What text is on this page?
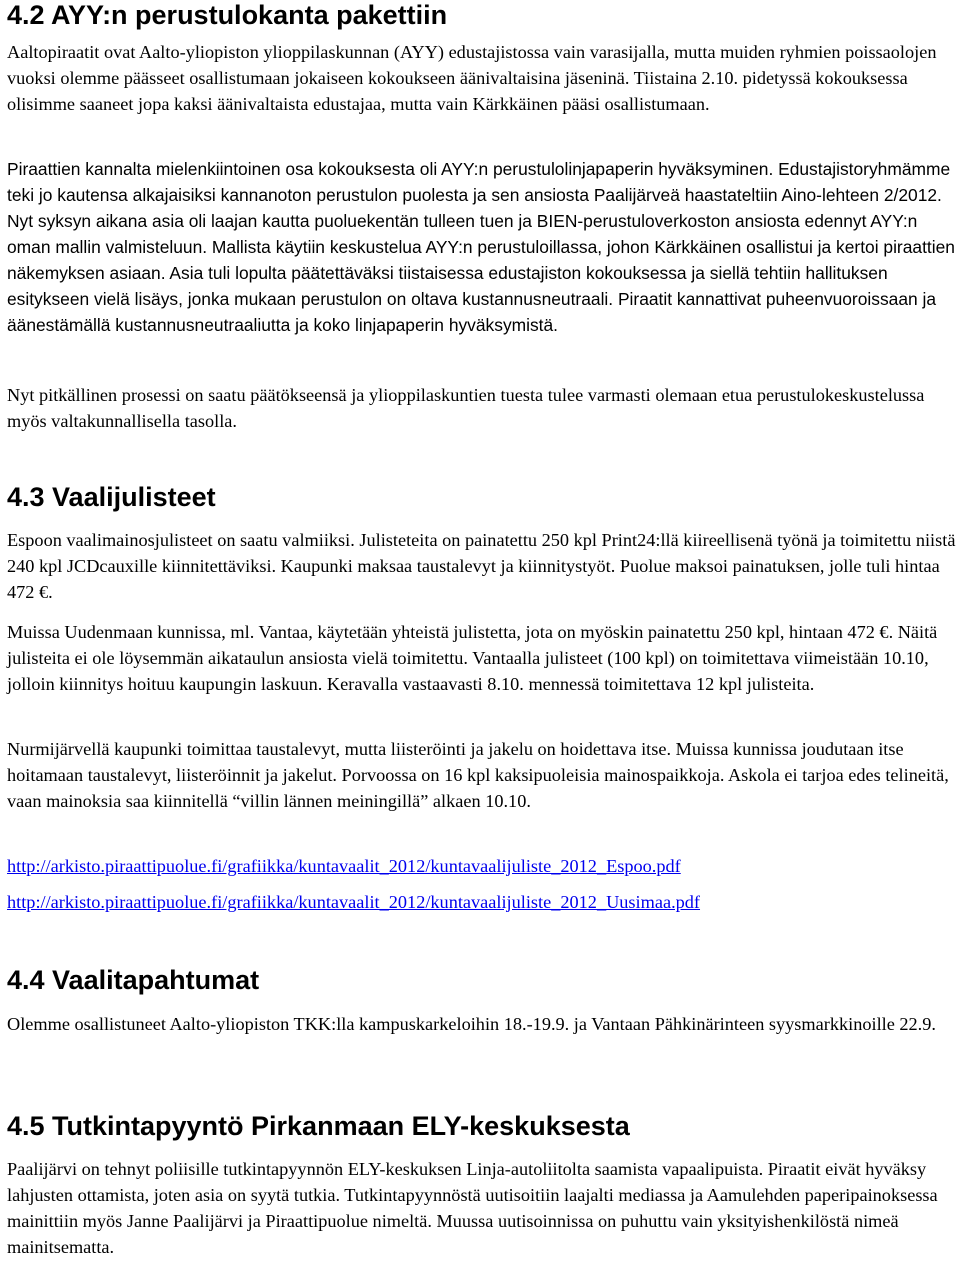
4.2 AYY:n perustulokanta pakettiin

Aaltopiraatit ovat Aalto-yliopiston ylioppilaskunnan (AYY) edustajistossa vain varasijalla, mutta muiden ryhmien poissaolojen vuoksi olemme päässeet osallistumaan jokaiseen kokoukseen äänivaltaisina jäseninä. Tiistaina 2.10. pidetyssä kokouksessa olisimme saaneet jopa kaksi äänivaltaista edustajaa, mutta vain Kärkkäinen pääsi osallistumaan.

Piraattien kannalta mielenkiintoinen osa kokouksesta oli AYY:n perustulolinjapaperin hyväksyminen. Edustajistoryhmämme teki jo kautensa alkajaisiksi kannanoton perustulon puolesta ja sen ansiosta Paalijärveä haastateltiin Aino-lehteen 2/2012. Nyt syksyn aikana asia oli laajan kautta puoluekentän tulleen tuen ja BIEN-perustuloverkoston ansiosta edennyt AYY:n oman mallin valmisteluun. Mallista käytiin keskustelua AYY:n perustuloillassa, johon Kärkkäinen osallistui ja kertoi piraattien näkemyksen asiaan. Asia tuli lopulta päätettäväksi tiistaisessa edustajiston kokouksessa ja siellä tehtiin hallituksen esitykseen vielä lisäys, jonka mukaan perustulon on oltava kustannusneutraali. Piraatit kannattivat puheenvuoroissaan ja äänestämällä kustannusneutraaliutta ja koko linjapaperin hyväksymistä.

Nyt pitkällinen prosessi on saatu päätökseensä ja ylioppilaskuntien tuesta tulee varmasti olemaan etua perustulokeskustelussa myös valtakunnallisella tasolla.

4.3 Vaalijulisteet

Espoon vaalimainosjulisteet on saatu valmiiksi. Julisteteita on painatettu 250 kpl Print24:llä kiireellisenä työnä ja toimitettu niistä 240 kpl JCDcauxille kiinnitettäviksi. Kaupunki maksaa taustalevyt ja kiinnitystyöt. Puolue maksoi painatuksen, jolle tuli hintaa 472 €.

Muissa Uudenmaan kunnissa, ml. Vantaa, käytetään yhteistä julistetta, jota on myöskin painatettu 250 kpl, hintaan 472 €. Näitä julisteita ei ole löysemmän aikataulun ansiosta vielä toimitettu. Vantaalla julisteet (100 kpl) on toimitettava viimeistään 10.10, jolloin kiinnitys hoituu kaupungin laskuun. Keravalla vastaavasti 8.10. mennessä toimitettava 12 kpl julisteita.

Nurmijärvellä kaupunki toimittaa taustalevyt, mutta liisteröinti ja jakelu on hoidettava itse. Muissa kunnissa joudutaan itse hoitamaan taustalevyt, liisteröinnit ja jakelut. Porvoossa on 16 kpl kaksipuoleisia mainospaikkoja. Askola ei tarjoa edes telineitä, vaan mainoksia saa kiinnitellä “villin lännen meiningillä” alkaen 10.10.

http://arkisto.piraattipuolue.fi/grafiikka/kuntavaalit_2012/kuntavaalijuliste_2012_Espoo.pdf

http://arkisto.piraattipuolue.fi/grafiikka/kuntavaalit_2012/kuntavaalijuliste_2012_Uusimaa.pdf

4.4 Vaalitapahtumat

Olemme osallistuneet Aalto-yliopiston TKK:lla kampuskarkeloihin 18.-19.9. ja Vantaan Pähkinärinteen syysmarkkinoille 22.9.

4.5 Tutkintapyyntö Pirkanmaan ELY-keskuksesta

Paalijärvi on tehnyt poliisille tutkintapyynnön ELY-keskuksen Linja-autoliitolta saamista vapaalipuista. Piraatit eivät hyväksy lahjusten ottamista, joten asia on syytä tutkia. Tutkintapyynnöstä uutisoitiin laajalti mediassa ja Aamulehden paperipainoksessa mainittiin myös Janne Paalijärvi ja Piraattipuolue nimeltä. Muussa uutisoinnissa on puhuttu vain yksityishenkilöstä nimeä mainitsematta.
